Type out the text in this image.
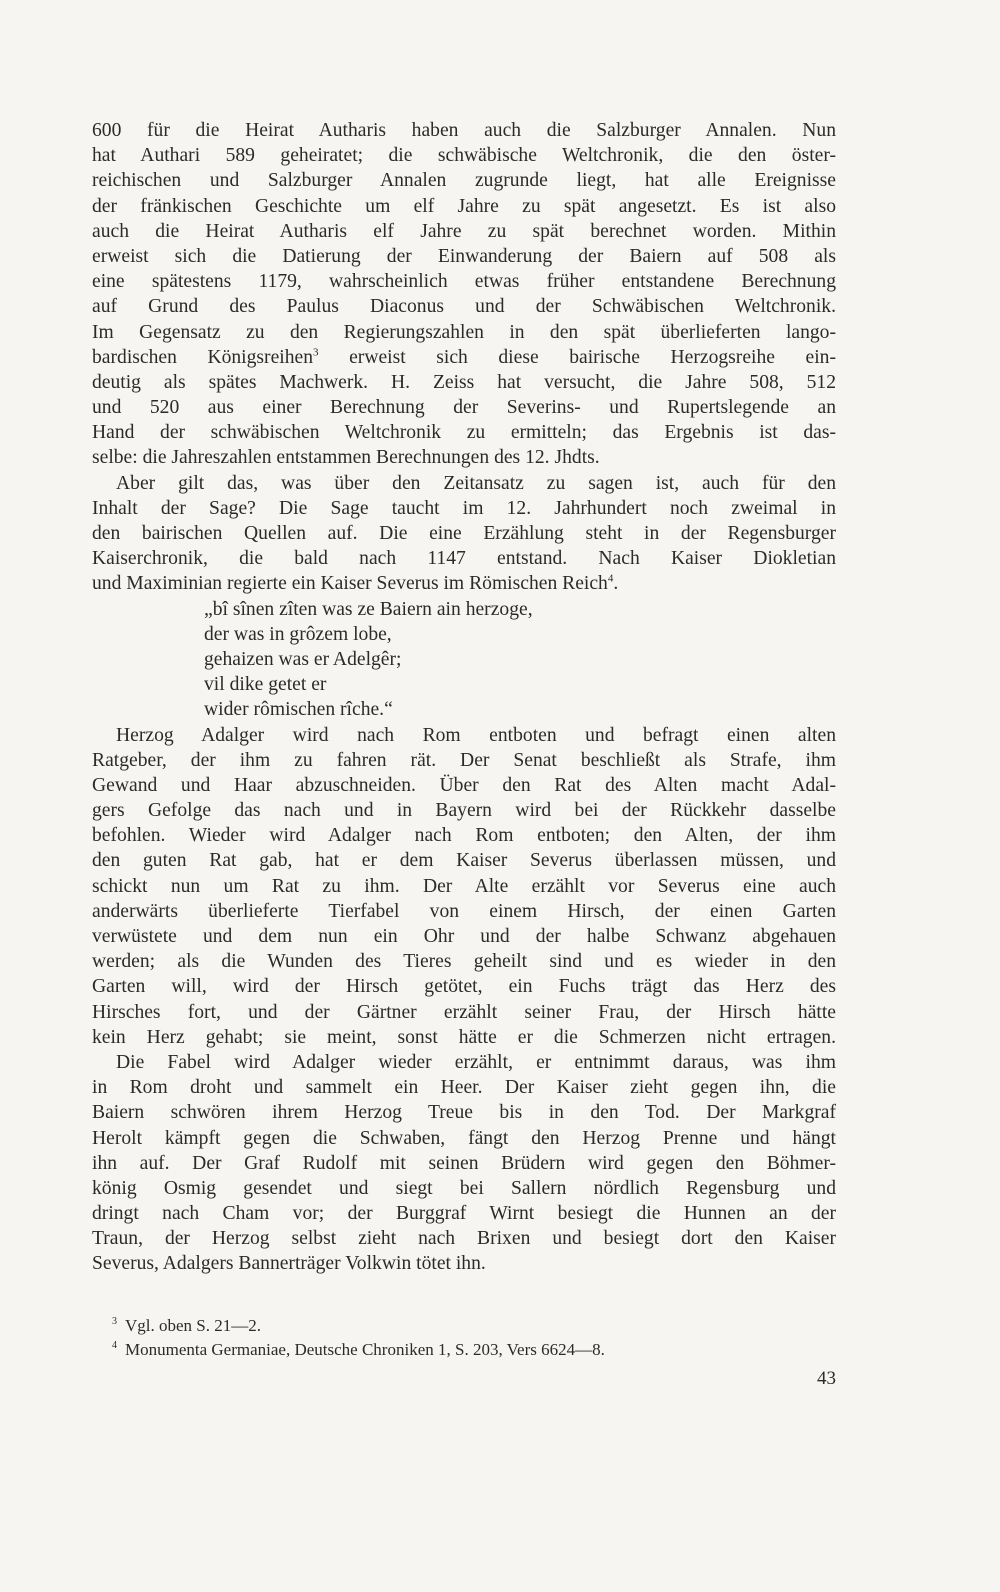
600 für die Heirat Autharis haben auch die Salzburger Annalen. Nun
hat Authari 589 geheiratet; die schwäbische Weltchronik, die den öster-
reichischen und Salzburger Annalen zugrunde liegt, hat alle Ereignisse
der fränkischen Geschichte um elf Jahre zu spät angesetzt. Es ist also
auch die Heirat Autharis elf Jahre zu spät berechnet worden. Mithin
erweist sich die Datierung der Einwanderung der Baiern auf 508 als
eine spätestens 1179, wahrscheinlich etwas früher entstandene Berechnung
auf Grund des Paulus Diaconus und der Schwäbischen Weltchronik.
Im Gegensatz zu den Regierungszahlen in den spät überlieferten lango-
bardischen Königsreihen$^3$ erweist sich diese bairische Herzogsreihe ein-
deutig als spätes Machwerk. H. Zeiss hat versucht, die Jahre 508, 512
und 520 aus einer Berechnung der Severins- und Rupertslegende an
Hand der schwäbischen Weltchronik zu ermitteln; das Ergebnis ist das-
selbe: die Jahreszahlen entstammen Berechnungen des 12. Jhdts.

Aber gilt das, was über den Zeitansatz zu sagen ist, auch für den
Inhalt der Sage? Die Sage taucht im 12. Jahrhundert noch zweimal in
den bairischen Quellen auf. Die eine Erzählung steht in der Regensburger
Kaiserchronik, die bald nach 1147 entstand. Nach Kaiser Diokletian
und Maximinian regierte ein Kaiser Severus im Römischen Reich$^4$.

„bî sînen zîten was ze Baiern ain herzoge,
der was in grôzem lobe,
gehaizen was er Adelgêr;
vil dike getet er
wider rômischen rîche.“

Herzog Adalger wird nach Rom entboten und befragt einen alten
Ratgeber, der ihm zu fahren rät. Der Senat beschließt als Strafe, ihm
Gewand und Haar abzuschneiden. Über den Rat des Alten macht Adal-
gers Gefolge das nach und in Bayern wird bei der Rückkehr dasselbe
befohlen. Wieder wird Adalger nach Rom entboten; den Alten, der ihm
den guten Rat gab, hat er dem Kaiser Severus überlassen müssen, und
schickt nun um Rat zu ihm. Der Alte erzählt vor Severus eine auch
anderwärts überlieferte Tierfabel von einem Hirsch, der einen Garten
verwüstete und dem nun ein Ohr und der halbe Schwanz abgehauen
werden; als die Wunden des Tieres geheilt sind und es wieder in den
Garten will, wird der Hirsch getötet, ein Fuchs trägt das Herz des
Hirsches fort, und der Gärtner erzählt seiner Frau, der Hirsch hätte
kein Herz gehabt; sie meint, sonst hätte er die Schmerzen nicht ertragen.

Die Fabel wird Adalger wieder erzählt, er entnimmt daraus, was ihm
in Rom droht und sammelt ein Heer. Der Kaiser zieht gegen ihn, die
Baiern schwören ihrem Herzog Treue bis in den Tod. Der Markgraf
Herolt kämpft gegen die Schwaben, fängt den Herzog Prenne und hängt
ihn auf. Der Graf Rudolf mit seinen Brüdern wird gegen den Böhmer-
könig Osmig gesendet und siegt bei Sallern nördlich Regensburg und
dringt nach Cham vor; der Burggraf Wirnt besiegt die Hunnen an der
Traun, der Herzog selbst zieht nach Brixen und besiegt dort den Kaiser
Severus, Adalgers Bannerträger Volkwin tötet ihn.

$^3$ Vgl. oben S. 21—2.
$^4$ Monumenta Germaniae, Deutsche Chroniken 1, S. 203, Vers 6624—8.
43
